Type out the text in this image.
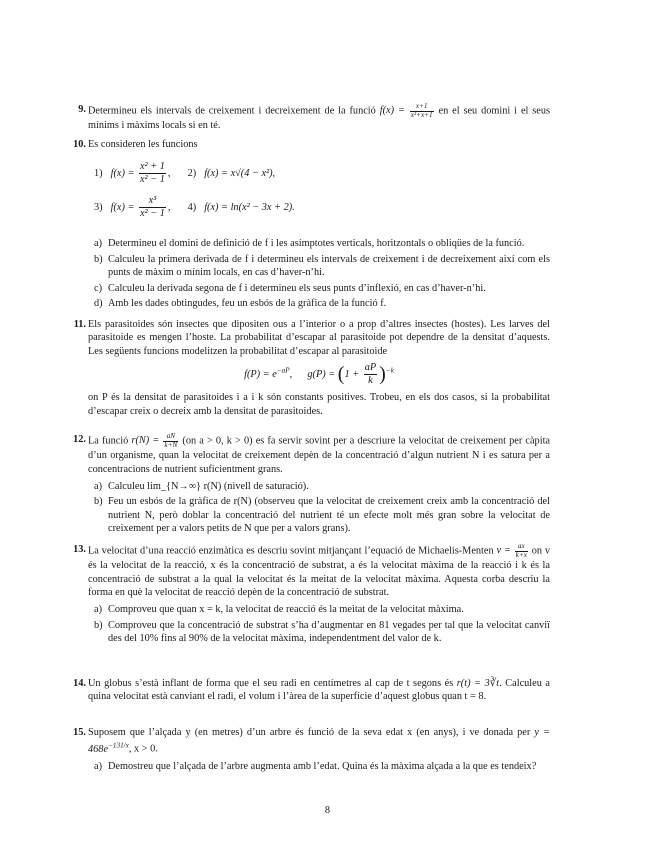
9 . Determineu els intervals de creixement i decreixement de la funció $f(x) = \frac{x+1}{\text{x²+x+1}}$ en el seu domini i el seus mínims i màxims locals si en té.

10 . Es consideren les funcions

1) $f(x) = \frac{\text{x² + 1}}{\text{x² − 1}}$ , 2) f(x) = x√(4 − x²),
3) $f(x) = \frac{\text{x³}}{\text{x² − 1}}$ , 4) f(x) = ln(x² − 3x + 2).
a) Determineu el domini de definició de f i les asímptotes verticals, horitzontals o obliqües de la funció.
b) Calculeu la primera derivada de f i determineu els intervals de creixement i de decreixement així com els punts de màxim o mínim locals, en cas d’haver-n’hi.
c) Calculeu la derivada segona de f i determineu els seus punts d’inflexió, en cas d’haver-n’hi.
d) Amb les dades obtingudes, feu un esbós de la gràfica de la funció f.
11 . Els parasitoides són insectes que dipositen ous a l’interior o a prop d’altres insectes (hostes). Les larves del parasitoide es mengen l’hoste. La probabilitat d’escapar al parasitoide pot dependre de la densitat d’aquests. Les següents funcions modelitzen la probabilitat d’escapar al parasitoide

$f(P) = e^{-aP}$, $g(P) = (1 + \frac{aP}{k} )^{-k}$

on P és la densitat de parasitoides i a i k són constants positives. Trobeu, en els dos casos, si la probabilitat d’escapar creix o decreix amb la densitat de parasitoides.

12 . La funció $r(N) = \frac{aN}{k+N} (on$ a > 0, k > 0) es fa servir sovint per a descriure la velocitat de creixement per càpita d’un organisme, quan la velocitat de creixement depèn de la concentració d’algun nutrient N i es satura per a concentracions de nutrient suficientment grans.

a) Calculeu lim_{N→∞} r(N) (nivell de saturació).
b) Feu un esbós de la gràfica de r(N) (observeu que la velocitat de creixement creix amb la concentració del nutrient N, però doblar la concentració del nutrient té un efecte molt més gran sobre la velocitat de creixement per a valors petits de N que per a valors grans).
13 . La velocitat d’una reacció enzimàtica es descriu sovint mitjançant l’equació de Michaelis-Menten $v = \frac{ax}{k+x}$ on v és la velocitat de la reacció, x és la concentració de substrat, a és la velocitat màxima de la reacció i k és la concentració de substrat a la qual la velocitat és la meitat de la velocitat màxima. Aquesta corba descriu la forma en què la velocitat de reacció depèn de la concentració de substrat.

a) Comproveu que quan x = k, la velocitat de reacció és la meitat de la velocitat màxima.
b) Comproveu que la concentració de substrat s’ha d’augmentar en 81 vegades per tal que la velocitat canviï des del 10% fins al 90% de la velocitat màxima, independentment del valor de k.
14 . Un globus s’està inflant de forma que el seu radi en centímetres al cap de t segons és r(t) = 3∛t. Calculeu a quina velocitat està canviant el radi, el volum i l’àrea de la superfície d’aquest globus quan t = 8.

15 . Suposem que l’alçada y (en metres) d’un arbre és funció de la seva edat x (en anys), i ve donada per $y = 468e^{-131/x}$, x > 0.

a) Demostreu que l’alçada de l’arbre augmenta amb l’edat. Quina és la màxima alçada a la que es tendeix?
8
